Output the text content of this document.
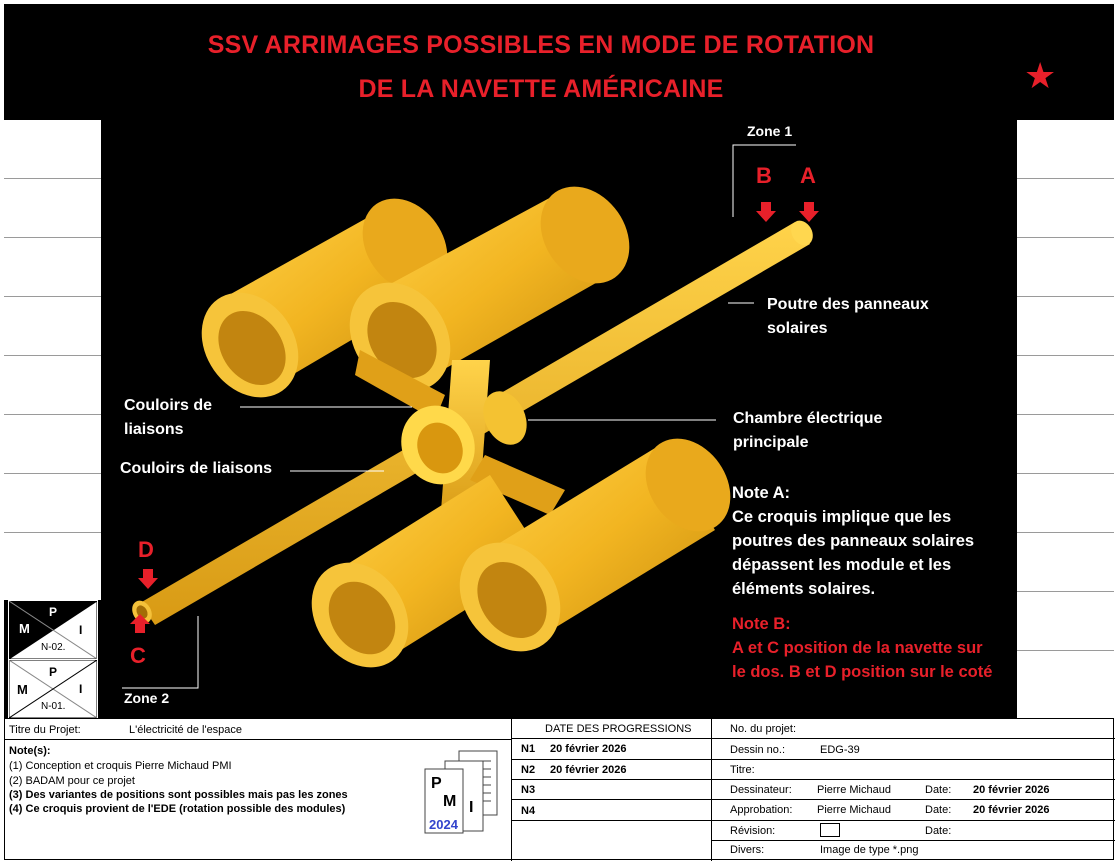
SSV ARRIMAGES POSSIBLES EN MODE DE ROTATION
DE LA NAVETTE AMÉRICAINE	★
Zone 1
Zone 2
B A
D
C
Poutre des panneaux
solaires
Couloirs de
liaisons
Couloirs de liaisons
Chambre électrique
principale
Note A:
Ce croquis implique que les
poutres des panneaux solaires
dépassent les module et les
éléments solaires.
Note B:
A et C position de la navette sur
le dos. B et D position sur le coté
M
P
I
N-02.
M
P
I
N-01.
Titre du Projet:	L'électricité de l'espace
Note(s):
(1) Conception et croquis Pierre Michaud PMI
(2) BADAM pour ce projet
(3) Des variantes de positions sont possibles mais pas les zones
(4) Ce croquis provient de l'EDE (rotation possible des modules)
P
M I
2024
DATE DES PROGRESSIONS
N1 20 février 2026
N2 20 février 2026
N3
N4
No. du projet:
Dessin no.:	EDG-39
Titre:
Dessinateur: Pierre Michaud	Date: 20 février 2026
Approbation: Pierre Michaud	Date: 20 février 2026
Révision:	Date:
Divers:	Image de type *.png
